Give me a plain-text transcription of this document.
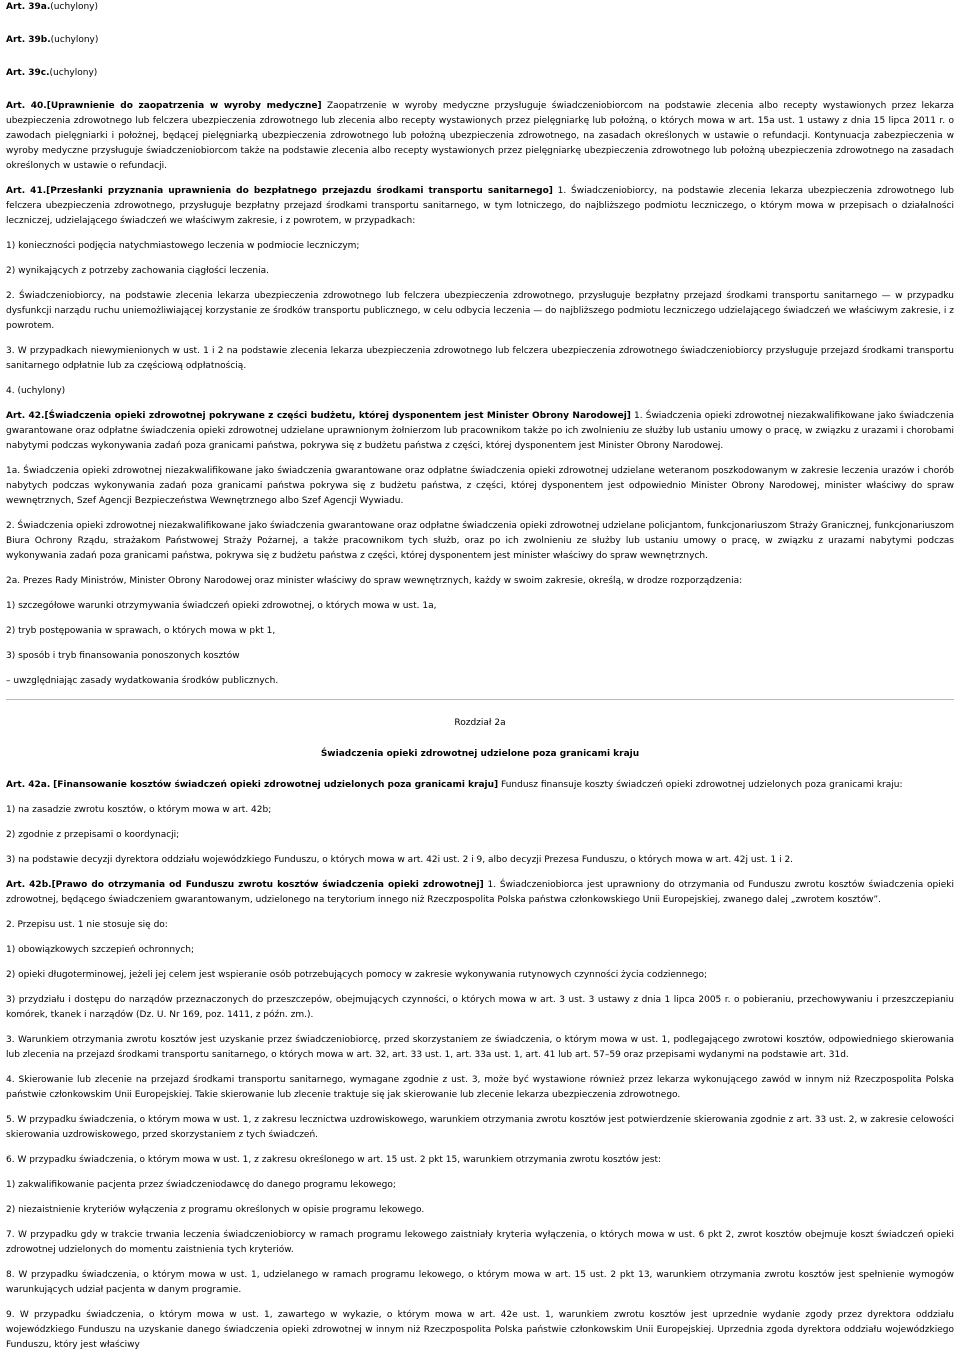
Art. 39a.(uchylony)

Art. 39b.(uchylony)

Art. 39c.(uchylony)

Art. 40.[Uprawnienie do zaopatrzenia w wyroby medyczne] Zaopatrzenie w wyroby medyczne przysługuje świadczeniobiorcom na podstawie zlecenia albo recepty wystawionych przez lekarza ubezpieczenia zdrowotnego lub felczera ubezpieczenia zdrowotnego lub zlecenia albo recepty wystawionych przez pielęgniarkę lub położną, o których mowa w art. 15a ust. 1 ustawy z dnia 15 lipca 2011 r. o zawodach pielęgniarki i położnej, będącej pielęgniarką ubezpieczenia zdrowotnego lub położną ubezpieczenia zdrowotnego, na zasadach określonych w ustawie o refundacji. Kontynuacja zabezpieczenia w wyroby medyczne przysługuje świadczeniobiorcom także na podstawie zlecenia albo recepty wystawionych przez pielęgniarkę ubezpieczenia zdrowotnego lub położną ubezpieczenia zdrowotnego na zasadach określonych w ustawie o refundacji.

Art. 41.[Przesłanki przyznania uprawnienia do bezpłatnego przejazdu środkami transportu sanitarnego] 1. Świadczeniobiorcy, na podstawie zlecenia lekarza ubezpieczenia zdrowotnego lub felczera ubezpieczenia zdrowotnego, przysługuje bezpłatny przejazd środkami transportu sanitarnego, w tym lotniczego, do najbliższego podmiotu leczniczego, o którym mowa w przepisach o działalności leczniczej, udzielającego świadczeń we właściwym zakresie, i z powrotem, w przypadkach:

1) konieczności podjęcia natychmiastowego leczenia w podmiocie leczniczym;

2) wynikających z potrzeby zachowania ciągłości leczenia.

2. Świadczeniobiorcy, na podstawie zlecenia lekarza ubezpieczenia zdrowotnego lub felczera ubezpieczenia zdrowotnego, przysługuje bezpłatny przejazd środkami transportu sanitarnego — w przypadku dysfunkcji narządu ruchu uniemożliwiającej korzystanie ze środków transportu publicznego, w celu odbycia leczenia — do najbliższego podmiotu leczniczego udzielającego świadczeń we właściwym zakresie, i z powrotem.

3. W przypadkach niewymienionych w ust. 1 i 2 na podstawie zlecenia lekarza ubezpieczenia zdrowotnego lub felczera ubezpieczenia zdrowotnego świadczeniobiorcy przysługuje przejazd środkami transportu sanitarnego odpłatnie lub za częściową odpłatnością.

4. (uchylony)

Art. 42.[Świadczenia opieki zdrowotnej pokrywane z części budżetu, której dysponentem jest Minister Obrony Narodowej] 1. Świadczenia opieki zdrowotnej niezakwalifikowane jako świadczenia gwarantowane oraz odpłatne świadczenia opieki zdrowotnej udzielane uprawnionym żołnierzom lub pracownikom także po ich zwolnieniu ze służby lub ustaniu umowy o pracę, w związku z urazami i chorobami nabytymi podczas wykonywania zadań poza granicami państwa, pokrywa się z budżetu państwa z części, której dysponentem jest Minister Obrony Narodowej.

1a. Świadczenia opieki zdrowotnej niezakwalifikowane jako świadczenia gwarantowane oraz odpłatne świadczenia opieki zdrowotnej udzielane weteranom poszkodowanym w zakresie leczenia urazów i chorób nabytych podczas wykonywania zadań poza granicami państwa pokrywa się z budżetu państwa, z części, której dysponentem jest odpowiednio Minister Obrony Narodowej, minister właściwy do spraw wewnętrznych, Szef Agencji Bezpieczeństwa Wewnętrznego albo Szef Agencji Wywiadu.

2. Świadczenia opieki zdrowotnej niezakwalifikowane jako świadczenia gwarantowane oraz odpłatne świadczenia opieki zdrowotnej udzielane policjantom, funkcjonariuszom Straży Granicznej, funkcjonariuszom Biura Ochrony Rządu, strażakom Państwowej Straży Pożarnej, a także pracownikom tych służb, oraz po ich zwolnieniu ze służby lub ustaniu umowy o pracę, w związku z urazami nabytymi podczas wykonywania zadań poza granicami państwa, pokrywa się z budżetu państwa z części, której dysponentem jest minister właściwy do spraw wewnętrznych.

2a. Prezes Rady Ministrów, Minister Obrony Narodowej oraz minister właściwy do spraw wewnętrznych, każdy w swoim zakresie, określą, w drodze rozporządzenia:

1) szczegółowe warunki otrzymywania świadczeń opieki zdrowotnej, o których mowa w ust. 1a,

2) tryb postępowania w sprawach, o których mowa w pkt 1,

3) sposób i tryb finansowania ponoszonych kosztów

– uwzględniając zasady wydatkowania środków publicznych.

Rozdział 2a

Świadczenia opieki zdrowotnej udzielone poza granicami kraju

Art. 42a. [Finansowanie kosztów świadczeń opieki zdrowotnej udzielonych poza granicami kraju] Fundusz finansuje koszty świadczeń opieki zdrowotnej udzielonych poza granicami kraju:

1) na zasadzie zwrotu kosztów, o którym mowa w art. 42b;

2) zgodnie z przepisami o koordynacji;

3) na podstawie decyzji dyrektora oddziału wojewódzkiego Funduszu, o których mowa w art. 42i ust. 2 i 9, albo decyzji Prezesa Funduszu, o których mowa w art. 42j ust. 1 i 2.

Art. 42b.[Prawo do otrzymania od Funduszu zwrotu kosztów świadczenia opieki zdrowotnej] 1. Świadczeniobiorca jest uprawniony do otrzymania od Funduszu zwrotu kosztów świadczenia opieki zdrowotnej, będącego świadczeniem gwarantowanym, udzielonego na terytorium innego niż Rzeczpospolita Polska państwa członkowskiego Unii Europejskiej, zwanego dalej „zwrotem kosztów”.

2. Przepisu ust. 1 nie stosuje się do:

1) obowiązkowych szczepień ochronnych;

2) opieki długoterminowej, jeżeli jej celem jest wspieranie osób potrzebujących pomocy w zakresie wykonywania rutynowych czynności życia codziennego;

3) przydziału i dostępu do narządów przeznaczonych do przeszczepów, obejmujących czynności, o których mowa w art. 3 ust. 3 ustawy z dnia 1 lipca 2005 r. o pobieraniu, przechowywaniu i przeszczepianiu komórek, tkanek i narządów (Dz. U. Nr 169, poz. 1411, z późn. zm.).

3. Warunkiem otrzymania zwrotu kosztów jest uzyskanie przez świadczeniobiorcę, przed skorzystaniem ze świadczenia, o którym mowa w ust. 1, podlegającego zwrotowi kosztów, odpowiedniego skierowania lub zlecenia na przejazd środkami transportu sanitarnego, o których mowa w art. 32, art. 33 ust. 1, art. 33a ust. 1, art. 41 lub art. 57–59 oraz przepisami wydanymi na podstawie art. 31d.

4. Skierowanie lub zlecenie na przejazd środkami transportu sanitarnego, wymagane zgodnie z ust. 3, może być wystawione również przez lekarza wykonującego zawód w innym niż Rzeczpospolita Polska państwie członkowskim Unii Europejskiej. Takie skierowanie lub zlecenie traktuje się jak skierowanie lub zlecenie lekarza ubezpieczenia zdrowotnego.

5. W przypadku świadczenia, o którym mowa w ust. 1, z zakresu lecznictwa uzdrowiskowego, warunkiem otrzymania zwrotu kosztów jest potwierdzenie skierowania zgodnie z art. 33 ust. 2, w zakresie celowości skierowania uzdrowiskowego, przed skorzystaniem z tych świadczeń.

6. W przypadku świadczenia, o którym mowa w ust. 1, z zakresu określonego w art. 15 ust. 2 pkt 15, warunkiem otrzymania zwrotu kosztów jest:

1) zakwalifikowanie pacjenta przez świadczeniodawcę do danego programu lekowego;

2) niezaistnienie kryteriów wyłączenia z programu określonych w opisie programu lekowego.

7. W przypadku gdy w trakcie trwania leczenia świadczeniobiorcy w ramach programu lekowego zaistniały kryteria wyłączenia, o których mowa w ust. 6 pkt 2, zwrot kosztów obejmuje koszt świadczeń opieki zdrowotnej udzielonych do momentu zaistnienia tych kryteriów.

8. W przypadku świadczenia, o którym mowa w ust. 1, udzielanego w ramach programu lekowego, o którym mowa w art. 15 ust. 2 pkt 13, warunkiem otrzymania zwrotu kosztów jest spełnienie wymogów warunkujących udział pacjenta w danym programie.

9. W przypadku świadczenia, o którym mowa w ust. 1, zawartego w wykazie, o którym mowa w art. 42e ust. 1, warunkiem zwrotu kosztów jest uprzednie wydanie zgody przez dyrektora oddziału wojewódzkiego Funduszu na uzyskanie danego świadczenia opieki zdrowotnej w innym niż Rzeczpospolita Polska państwie członkowskim Unii Europejskiej. Uprzednia zgoda dyrektora oddziału wojewódzkiego Funduszu, który jest właściwy
